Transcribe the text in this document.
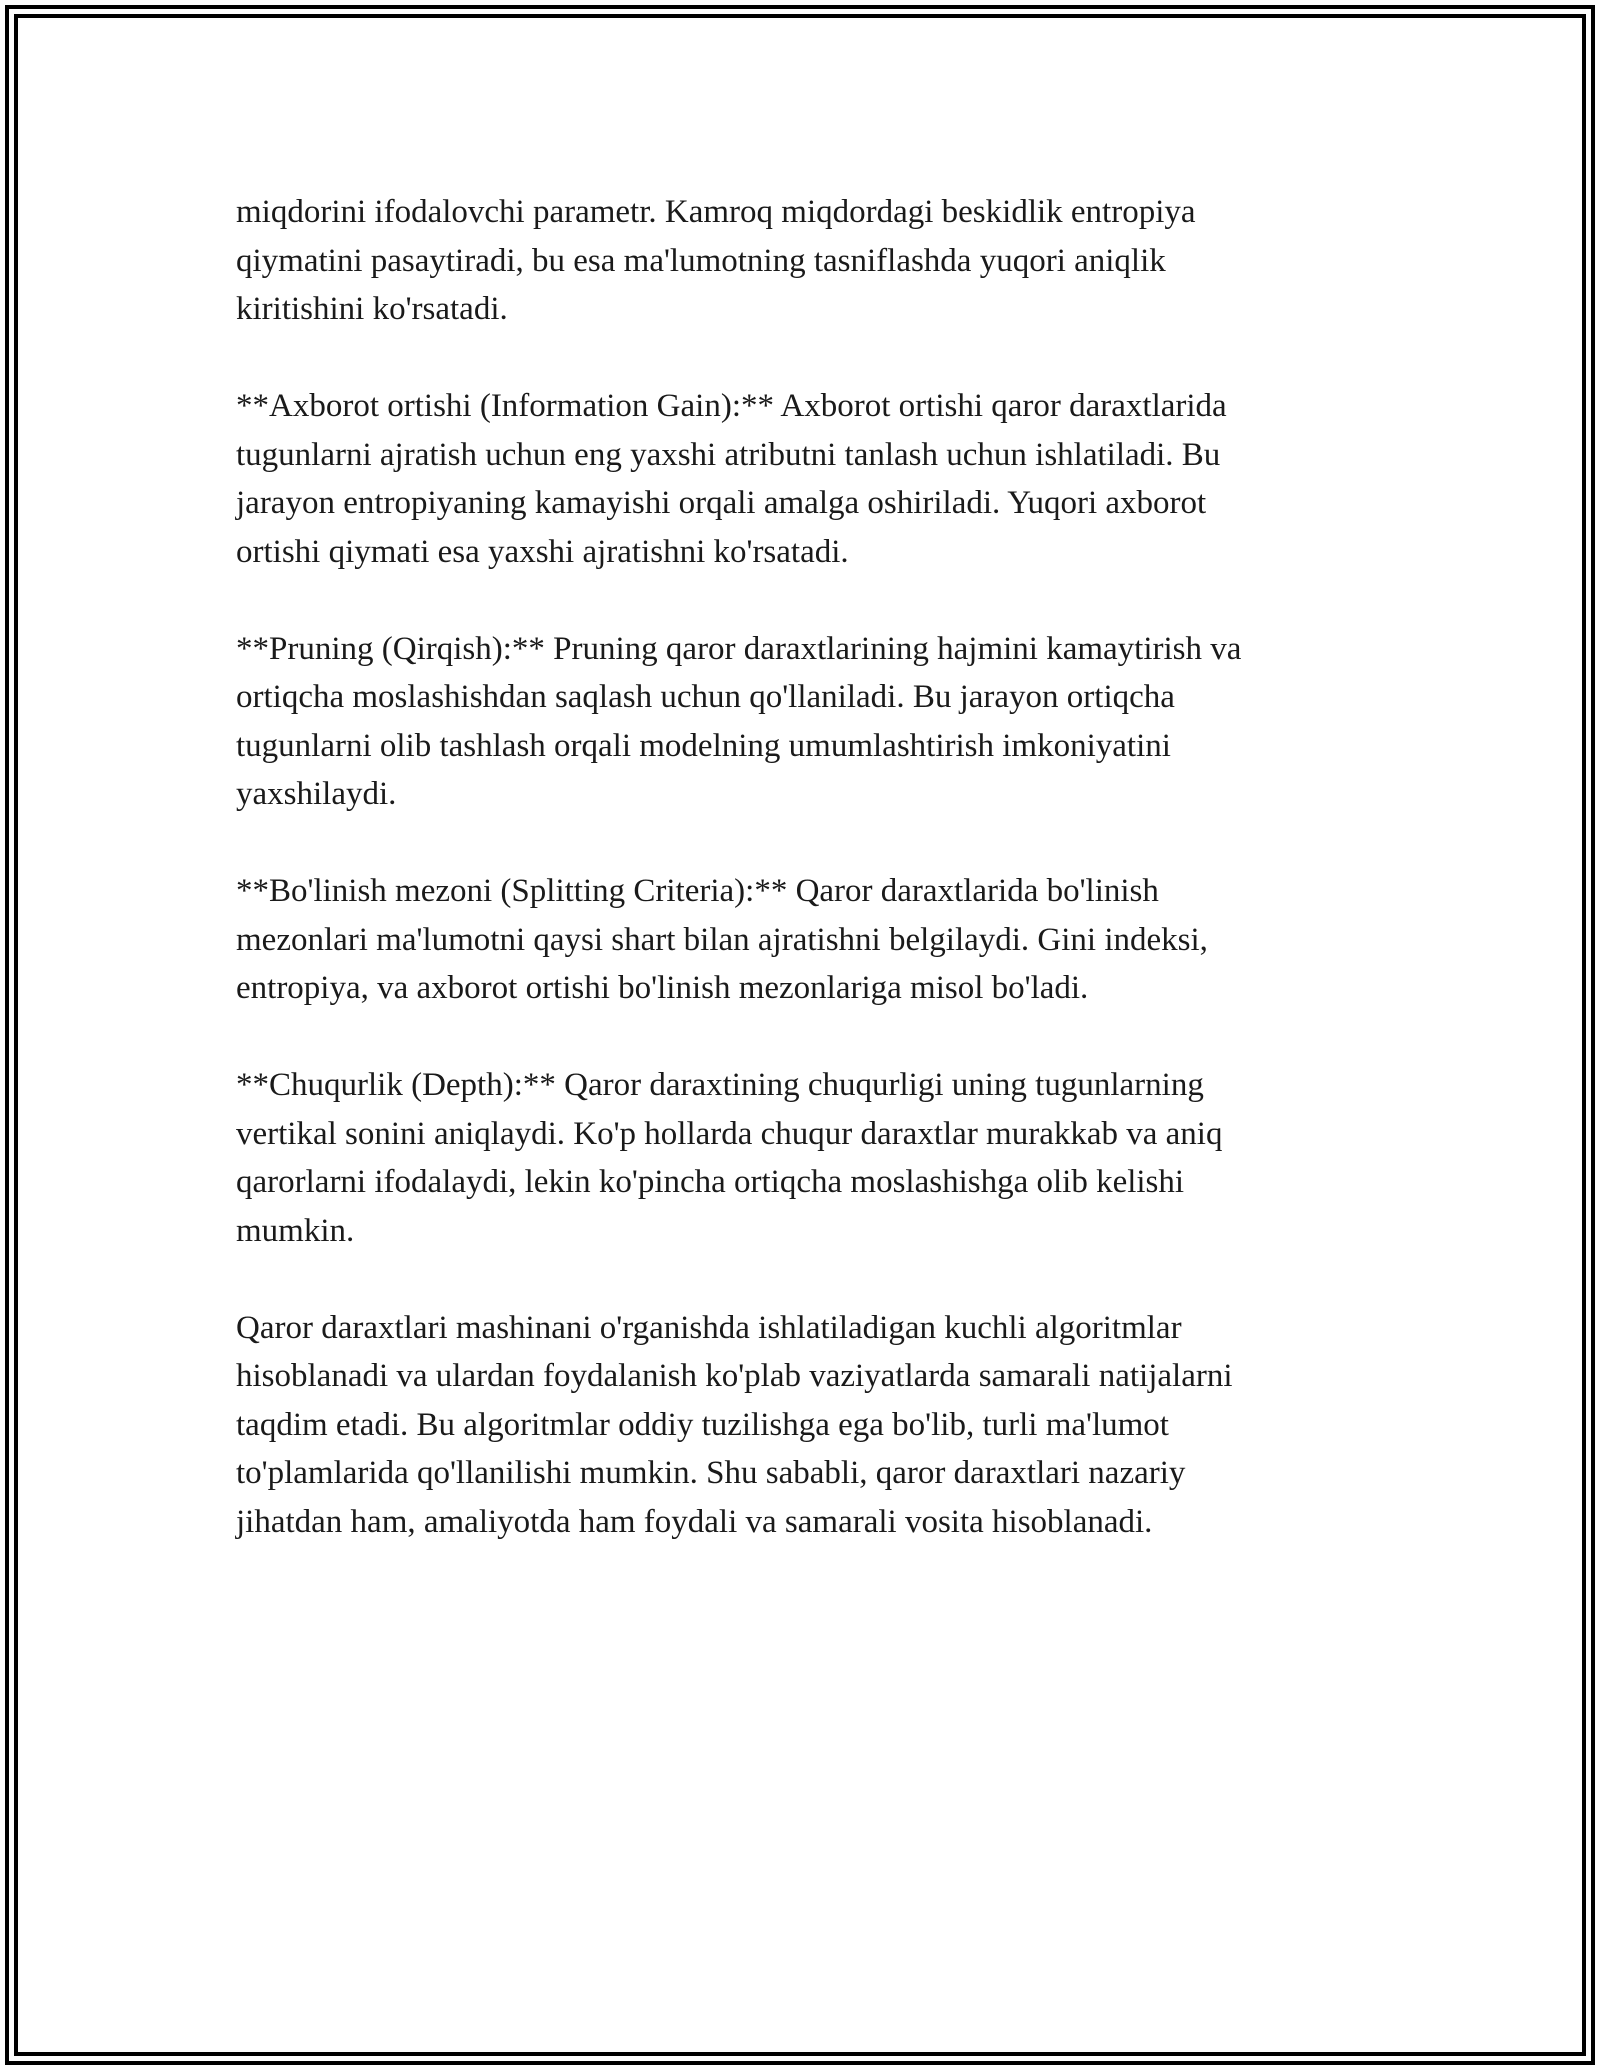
miqdorini ifodalovchi parametr. Kamroq miqdordagi beskidlik entropiya
qiymatini pasaytiradi, bu esa ma'lumotning tasniflashda yuqori aniqlik
kiritishini ko'rsatadi.

**Axborot ortishi (Information Gain):** Axborot ortishi qaror daraxtlarida
tugunlarni ajratish uchun eng yaxshi atributni tanlash uchun ishlatiladi. Bu
jarayon entropiyaning kamayishi orqali amalga oshiriladi. Yuqori axborot
ortishi qiymati esa yaxshi ajratishni ko'rsatadi.

**Pruning (Qirqish):** Pruning qaror daraxtlarining hajmini kamaytirish va
ortiqcha moslashishdan saqlash uchun qo'llaniladi. Bu jarayon ortiqcha
tugunlarni olib tashlash orqali modelning umumlashtirish imkoniyatini
yaxshilaydi.

**Bo'linish mezoni (Splitting Criteria):** Qaror daraxtlarida bo'linish
mezonlari ma'lumotni qaysi shart bilan ajratishni belgilaydi. Gini indeksi,
entropiya, va axborot ortishi bo'linish mezonlariga misol bo'ladi.

**Chuqurlik (Depth):** Qaror daraxtining chuqurligi uning tugunlarning
vertikal sonini aniqlaydi. Ko'p hollarda chuqur daraxtlar murakkab va aniq
qarorlarni ifodalaydi, lekin ko'pincha ortiqcha moslashishga olib kelishi
mumkin.

Qaror daraxtlari mashinani o'rganishda ishlatiladigan kuchli algoritmlar
hisoblanadi va ulardan foydalanish ko'plab vaziyatlarda samarali natijalarni
taqdim etadi. Bu algoritmlar oddiy tuzilishga ega bo'lib, turli ma'lumot
to'plamlarida qo'llanilishi mumkin. Shu sababli, qaror daraxtlari nazariy
jihatdan ham, amaliyotda ham foydali va samarali vosita hisoblanadi.
